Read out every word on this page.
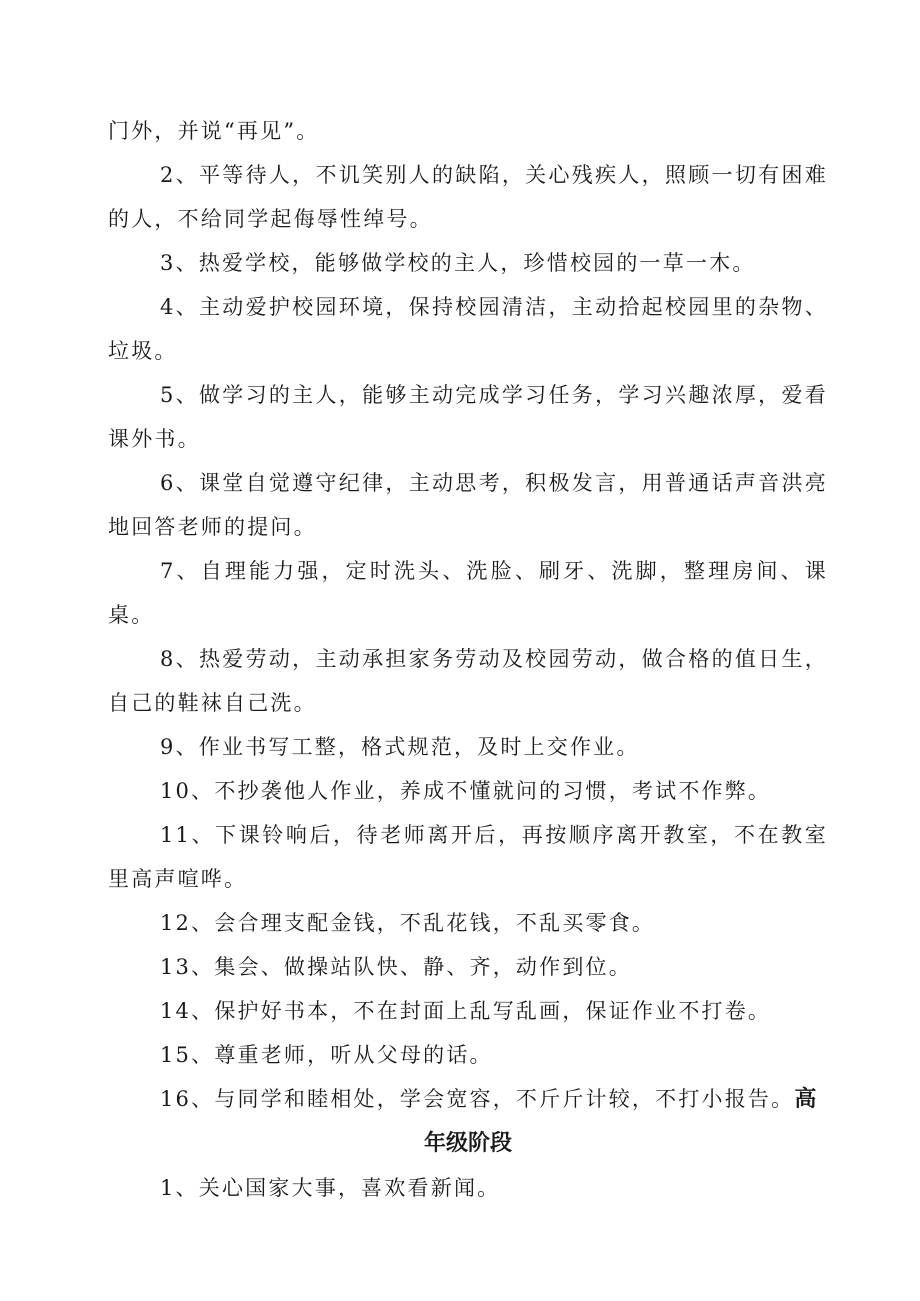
门外，并说“再见”。

2、平等待人，不讥笑别人的缺陷，关心残疾人，照顾一切有困难的人，不给同学起侮辱性绰号。

3、热爱学校，能够做学校的主人，珍惜校园的一草一木。

4、主动爱护校园环境，保持校园清洁，主动拾起校园里的杂物、垃圾。

5、做学习的主人，能够主动完成学习任务，学习兴趣浓厚，爱看课外书。

6、课堂自觉遵守纪律，主动思考，积极发言，用普通话声音洪亮地回答老师的提问。

7、自理能力强，定时洗头、洗脸、刷牙、洗脚，整理房间、课桌。

8、热爱劳动，主动承担家务劳动及校园劳动，做合格的值日生，自己的鞋袜自己洗。

9、作业书写工整，格式规范，及时上交作业。

10、不抄袭他人作业，养成不懂就问的习惯，考试不作弊。

11、下课铃响后，待老师离开后，再按顺序离开教室，不在教室里高声喧哗。

12、会合理支配金钱，不乱花钱，不乱买零食。

13、集会、做操站队快、静、齐，动作到位。

14、保护好书本，不在封面上乱写乱画，保证作业不打卷。

15、尊重老师，听从父母的话。

16、与同学和睦相处，学会宽容，不斤斤计较，不打小报告。高

年级阶段

1、关心国家大事，喜欢看新闻。
